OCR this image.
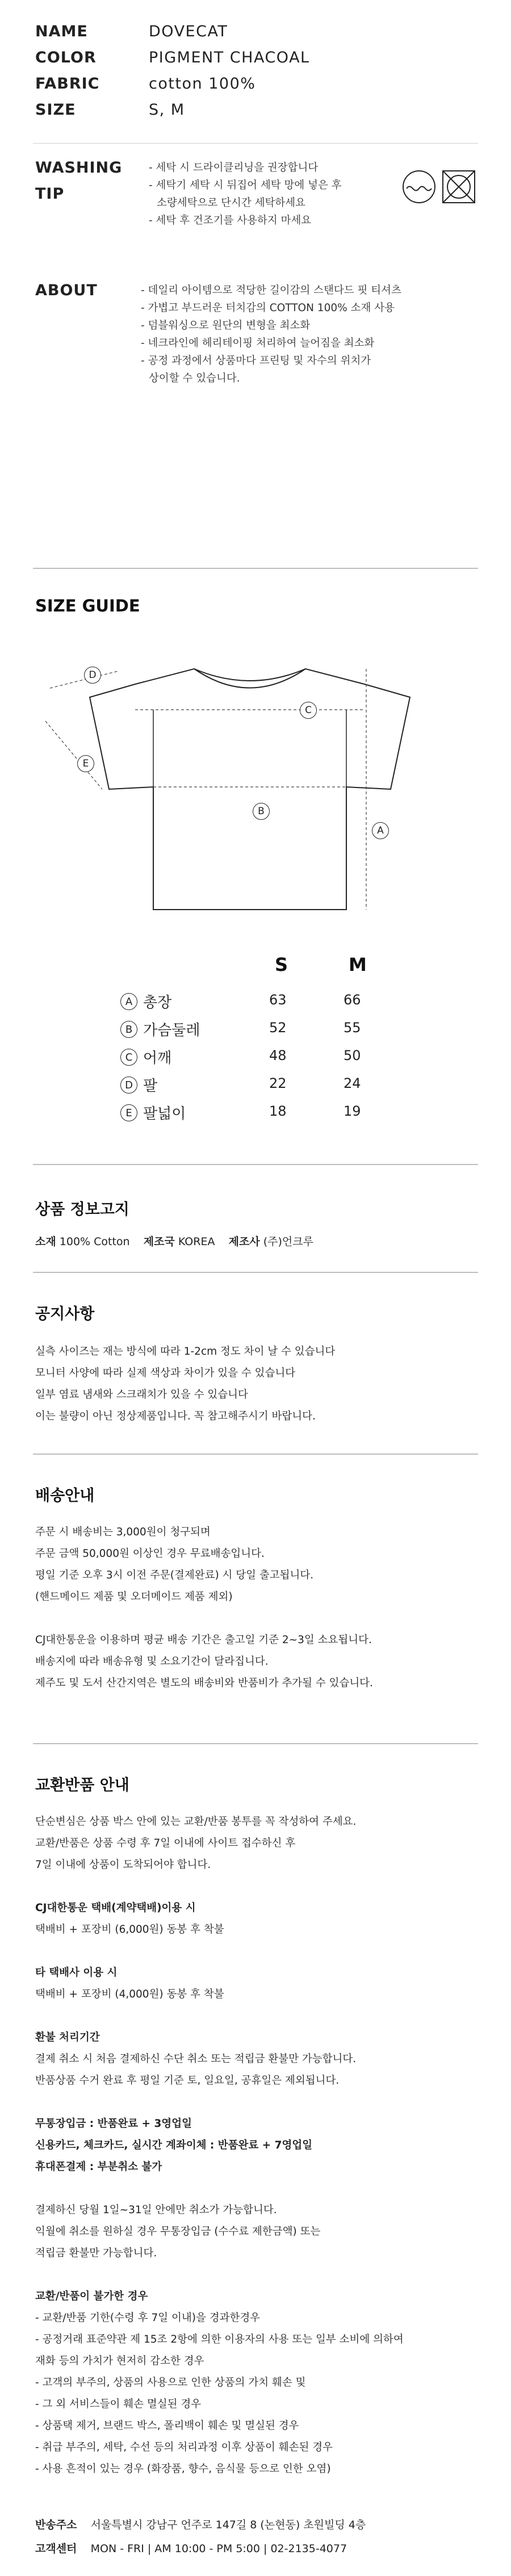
NAME	DOVECAT
COLOR	PIGMENT CHACOAL
FABRIC	cotton 100%
SIZE	S, M
WASHING
TIP
- 세탁 시 드라이클리닝을 권장합니다
- 세탁기 세탁 시 뒤집어 세탁 망에 넣은 후
소량세탁으로 단시간 세탁하세요
- 세탁 후 건조기를 사용하지 마세요
ABOUT	- 데일리 아이템으로 적당한 길이감의 스탠다드 핏 티셔츠
- 가볍고 부드러운 터치감의 COTTON 100% 소재 사용
- 덤블워싱으로 원단의 변형을 최소화
- 네크라인에 헤리테이핑 처리하여 늘어짐을 최소화
- 공정 과정에서 상품마다 프린팅 및 자수의 위치가
상이할 수 있습니다.
SIZE GUIDE
D
C
E
B
A
S	M
A 총장	63	66
B 가슴둘레	52	55
C 어깨	48	50
D 팔	22	24
E 팔넓이	18	19
상품 정보고지
소재 100% Cotton 제조국 KOREA 제조사 (주)언크루
공지사항
실측 사이즈는 재는 방식에 따라 1-2cm 정도 차이 날 수 있습니다
모니터 사양에 따라 실제 색상과 차이가 있을 수 있습니다
일부 염료 냄새와 스크래치가 있을 수 있습니다
이는 불량이 아닌 정상제품입니다. 꼭 참고해주시기 바랍니다.
배송안내
주문 시 배송비는 3,000원이 청구되며
주문 금액 50,000원 이상인 경우 무료배송입니다.
평일 기준 오후 3시 이전 주문(결제완료) 시 당일 출고됩니다.
(핸드메이드 제품 및 오더메이드 제품 제외)
CJ대한통운을 이용하며 평균 배송 기간은 출고일 기준 2~3일 소요됩니다.
배송지에 따라 배송유형 및 소요기간이 달라집니다.
제주도 및 도서 산간지역은 별도의 배송비와 반품비가 추가될 수 있습니다.
교환반품 안내
단순변심은 상품 박스 안에 있는 교환/반품 봉투를 꼭 작성하여 주세요.
교환/반품은 상품 수령 후 7일 이내에 사이트 접수하신 후
7일 이내에 상품이 도착되어야 합니다.
CJ대한통운 택배(계약택배)이용 시
택배비 + 포장비 (6,000원) 동봉 후 착불
타 택배사 이용 시
택배비 + 포장비 (4,000원) 동봉 후 착불
환불 처리기간
결제 취소 시 처음 결제하신 수단 취소 또는 적립금 환불만 가능합니다.
반품상품 수거 완료 후 평일 기준 토, 일요일, 공휴일은 제외됩니다.
무통장입금 : 반품완료 + 3영업일
신용카드, 체크카드, 실시간 계좌이체 : 반품완료 + 7영업일
휴대폰결제 : 부분취소 불가
결제하신 당월 1일~31일 안에만 취소가 가능합니다.
익월에 취소를 원하실 경우 무통장입금 (수수료 제한금액) 또는
적립금 환불만 가능합니다.
교환/반품이 불가한 경우
- 교환/반품 기한(수령 후 7일 이내)을 경과한경우
- 공정거래 표준약관 제 15조 2항에 의한 이용자의 사용 또는 일부 소비에 의하여
재화 등의 가치가 현저히 감소한 경우
- 고객의 부주의, 상품의 사용으로 인한 상품의 가치 훼손 및
- 그 외 서비스들이 훼손 멸실된 경우
- 상품택 제거, 브랜드 박스, 폴리백이 훼손 및 멸실된 경우
- 취급 부주의, 세탁, 수선 등의 처리과정 이후 상품이 훼손된 경우
- 사용 흔적이 있는 경우 (화장품, 향수, 음식물 등으로 인한 오염)
반송주소 서울특별시 강남구 언주로 147길 8 (논현동) 초원빌딩 4층
고객센터 MON - FRI | AM 10:00 - PM 5:00 | 02-2135-4077
